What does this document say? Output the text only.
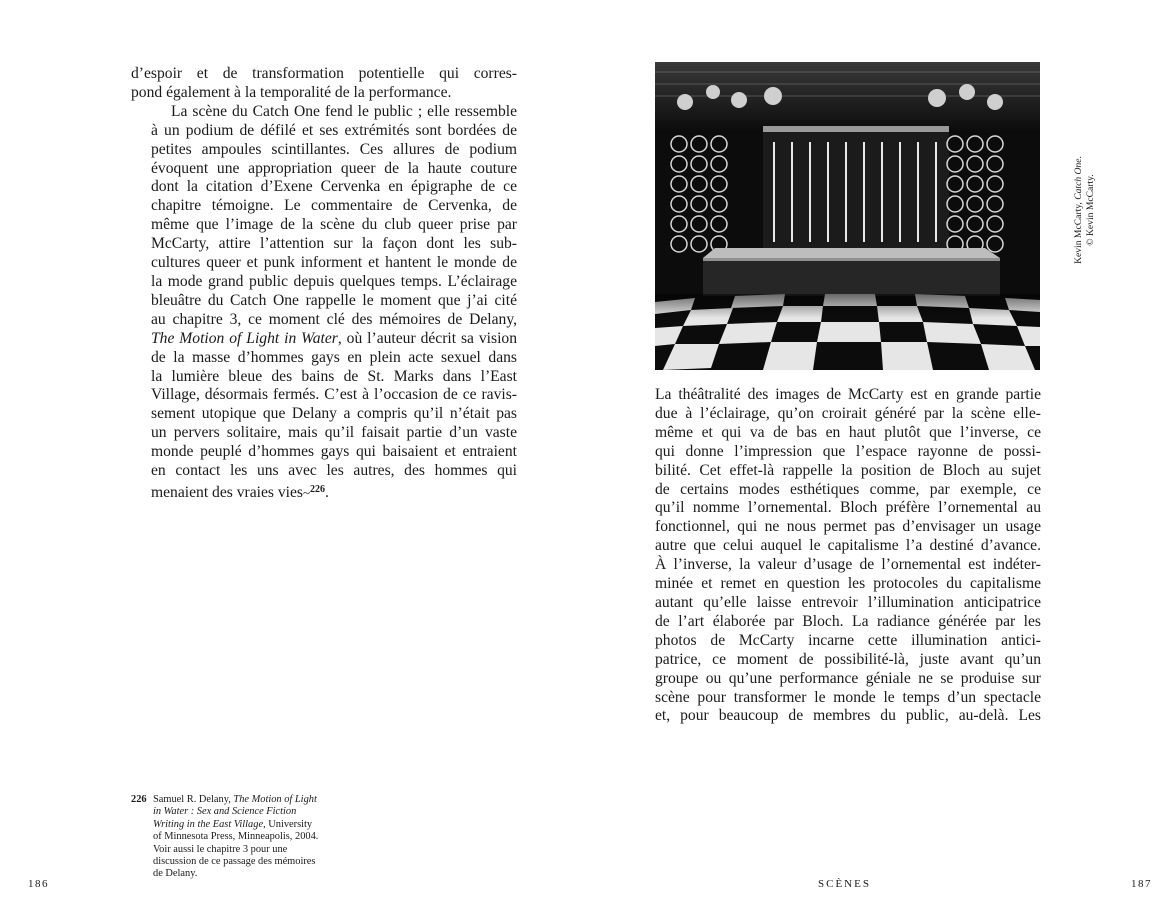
d’espoir et de transformation potentielle qui corres-
pond également à la temporalité de la performance.

La scène du Catch One fend le public ; elle ressemble
à un podium de défilé et ses extrémités sont bordées de
petites ampoules scintillantes. Ces allures de podium
évoquent une appropriation queer de la haute couture
dont la citation d’Exene Cervenka en épigraphe de ce
chapitre témoigne. Le commentaire de Cervenka, de
même que l’image de la scène du club queer prise par
McCarty, attire l’attention sur la façon dont les sub-
cultures queer et punk informent et hantent le monde de
la mode grand public depuis quelques temps. L’éclairage
bleuâtre du Catch One rappelle le moment que j’ai cité
au chapitre 3, ce moment clé des mémoires de Delany,
The Motion of Light in Water, où l’auteur décrit sa vision
de la masse d’hommes gays en plein acte sexuel dans
la lumière bleue des bains de St. Marks dans l’East
Village, désormais fermés. C’est à l’occasion de ce ravis-
sement utopique que Delany a compris qu’il n’était pas
un pervers solitaire, mais qu’il faisait partie d’un vaste
monde peuplé d’hommes gays qui baisaient et entraient
en contact les uns avec les autres, des hommes qui
menaient des vraies vies~$^{226}$.

226 Samuel R. Delany, The Motion of Light in Water : Sex and Science Fiction Writing in the East Village, University of Minnesota Press, Minneapolis, 2004. Voir aussi le chapitre 3 pour une discussion de ce passage des mémoires de Delany.
186
Kevin McCarty, Catch One.
© Kevin McCarty.

La théâtralité des images de McCarty est en grande partie
due à l’éclairage, qu’on croirait généré par la scène elle-
même et qui va de bas en haut plutôt que l’inverse, ce
qui donne l’impression que l’espace rayonne de possi-
bilité. Cet effet-là rappelle la position de Bloch au sujet
de certains modes esthétiques comme, par exemple, ce
qu’il nomme l’ornemental. Bloch préfère l’ornemental au
fonctionnel, qui ne nous permet pas d’envisager un usage
autre que celui auquel le capitalisme l’a destiné d’avance.
À l’inverse, la valeur d’usage de l’ornemental est indéter-
minée et remet en question les protocoles du capitalisme
autant qu’elle laisse entrevoir l’illumination anticipatrice
de l’art élaborée par Bloch. La radiance générée par les
photos de McCarty incarne cette illumination antici-
patrice, ce moment de possibilité-là, juste avant qu’un
groupe ou qu’une performance géniale ne se produise sur
scène pour transformer le monde le temps d’un spectacle
et, pour beaucoup de membres du public, au-delà. Les

SCÈNES	187
